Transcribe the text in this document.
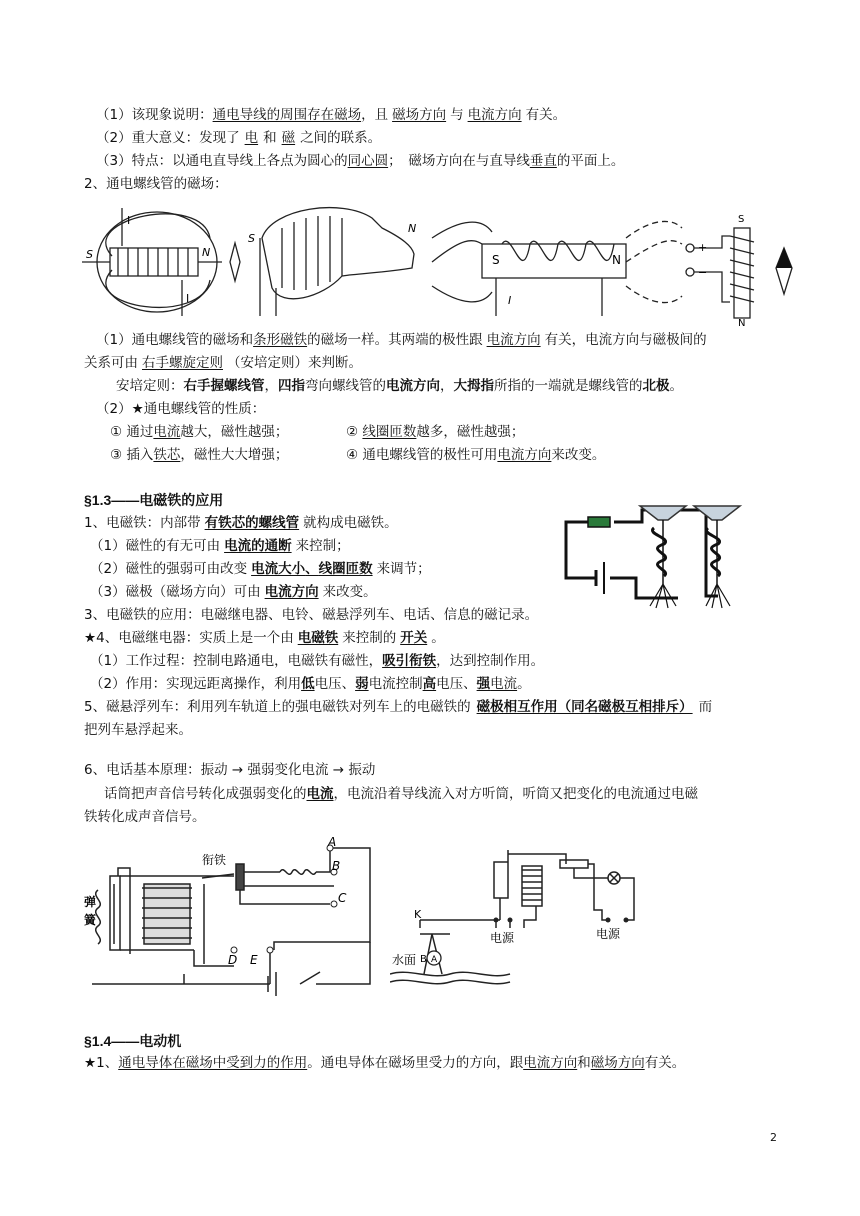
（1）该现象说明：通电导线的周围存在磁场，且 磁场方向 与 电流方向 有关。
（2）重大意义：发现了 电 和 磁 之间的联系。
（3）特点：以通电直导线上各点为圆心的同心圆；　磁场方向在与直导线垂直的平面上。
2、通电螺线管的磁场：
I
I
N
S
S
N
N
S
I
S
N
+
−
（1）通电螺线管的磁场和条形磁铁的磁场一样。其两端的极性跟 电流方向 有关，电流方向与磁极间的
关系可由 右手螺旋定则 （安培定则）来判断。
安培定则：右手握螺线管，四指弯向螺线管的电流方向，大拇指所指的一端就是螺线管的北极。
（2）★通电螺线管的性质：
① 通过电流越大，磁性越强；	② 线圈匝数越多，磁性越强；
③ 插入铁芯，磁性大大增强；	④ 通电螺线管的极性可用电流方向来改变。
§1.3——电磁铁的应用
1、电磁铁：内部带 有铁芯的螺线管 就构成电磁铁。
（1）磁性的有无可由 电流的通断 来控制；
（2）磁性的强弱可由改变 电流大小、线圈匝数 来调节；
（3）磁极（磁场方向）可由 电流方向 来改变。
3、电磁铁的应用：电磁继电器、电铃、磁悬浮列车、电话、信息的磁记录。
★4、电磁继电器：实质上是一个由 电磁铁 来控制的 开关 。
（1）工作过程：控制电路通电，电磁铁有磁性，吸引衔铁，达到控制作用。
（2）作用：实现远距离操作，利用低电压、弱电流控制高电压、强电流。
5、磁悬浮列车：利用列车轨道上的强电磁铁对列车上的电磁铁的 磁极相互作用（同名磁极互相排斥） 而
把列车悬浮起来。
6、电话基本原理：振动 → 强弱变化电流 → 振动
话筒把声音信号转化成强弱变化的电流，电流沿着导线流入对方听筒，听筒又把变化的电流通过电磁
铁转化成声音信号。
衔铁
A
B
C
D E
弹
簧	K
电源	电源
水面 B A
§1.4——电动机
★1、通电导体在磁场中受到力的作用。通电导体在磁场里受力的方向，跟电流方向和磁场方向有关。
2
